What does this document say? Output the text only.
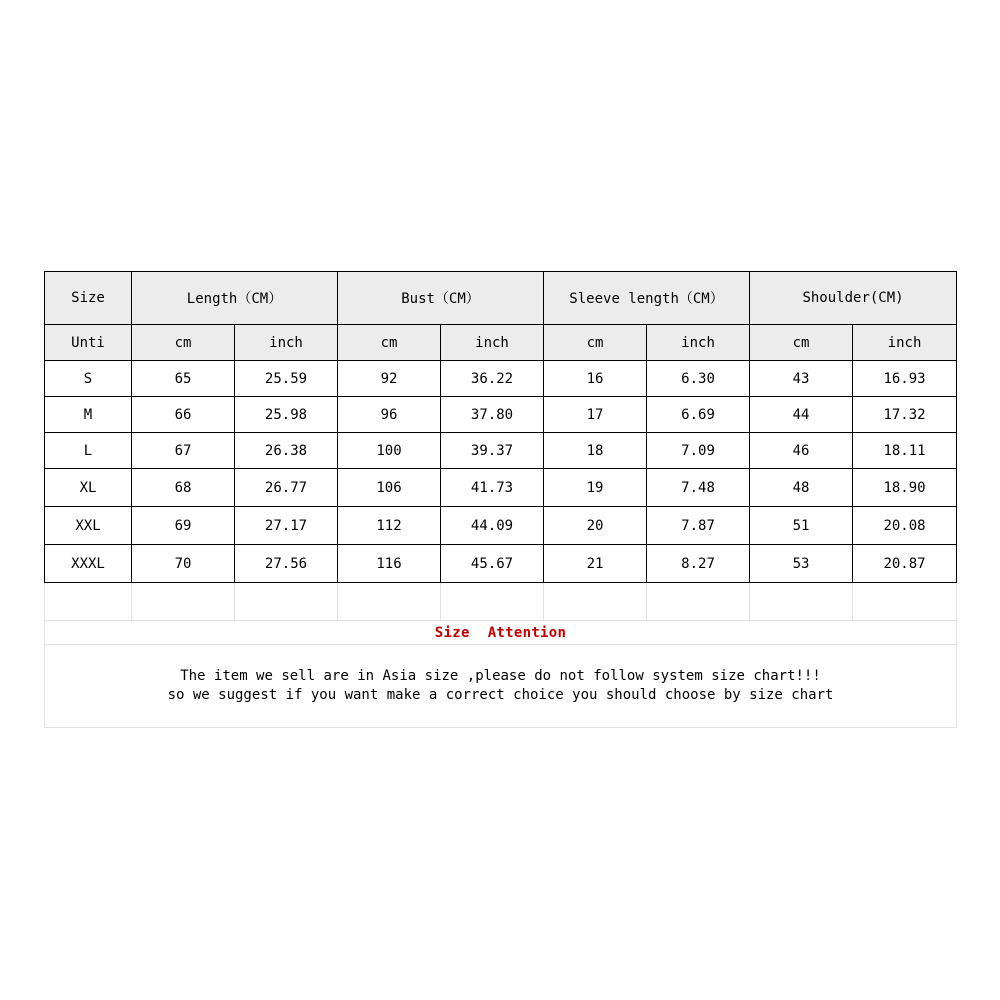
Size	Length（CM）		Bust（CM）		Sleeve length（CM）		Shoulder(CM)	
Unti	cm	inch	cm	inch	cm	inch	cm	inch
S	65	25.59	92	36.22	16	6.30	43	16.93
M	66	25.98	96	37.80	17	6.69	44	17.32
L	67	26.38	100	39.37	18	7.09	46	18.11
XL	68	26.77	106	41.73	19	7.48	48	18.90
XXL	69	27.17	112	44.09	20	7.87	51	20.08
XXXL	70	27.56	116	45.67	21	8.27	53	20.87

Size Attention								

The item we sell are in Asia size ,please do not follow system size chart!!!
so we suggest if you want make a correct choice you should choose by size chart								
